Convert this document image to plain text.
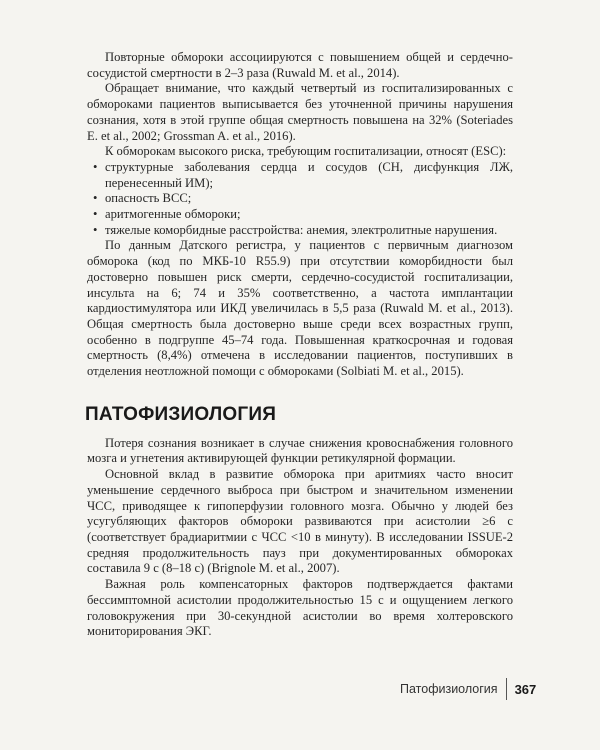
Повторные обмороки ассоциируются с повышением общей и сердечно-сосудистой смертности в 2–3 раза (Ruwald M. et al., 2014).

Обращает внимание, что каждый четвертый из госпитализированных с обмороками пациентов выписывается без уточненной причины нарушения сознания, хотя в этой группе общая смертность повышена на 32% (Soteriades E. et al., 2002; Grossman A. et al., 2016).

К обморокам высокого риска, требующим госпитализации, относят (ESC):

• структурные заболевания сердца и сосудов (СН, дисфункция ЛЖ, перенесенный ИМ);
• опасность ВСС;
• аритмогенные обмороки;
• тяжелые коморбидные расстройства: анемия, электролитные нарушения.

По данным Датского регистра, у пациентов с первичным диагнозом обморока (код по МКБ-10 R55.9) при отсутствии коморбидности был достоверно повышен риск смерти, сердечно-сосудистой госпитализации, инсульта на 6; 74 и 35% соответственно, а частота имплантации кардиостимулятора или ИКД увеличилась в 5,5 раза (Ruwald M. et al., 2013). Общая смертность была достоверно выше среди всех возрастных групп, особенно в подгруппе 45–74 года. Повышенная краткосрочная и годовая смертность (8,4%) отмечена в исследовании пациентов, поступивших в отделения неотложной помощи с обмороками (Solbiati M. et al., 2015).

ПАТОФИЗИОЛОГИЯ

Потеря сознания возникает в случае снижения кровоснабжения головного мозга и угнетения активирующей функции ретикулярной формации.

Основной вклад в развитие обморока при аритмиях часто вносит уменьшение сердечного выброса при быстром и значительном изменении ЧСС, приводящее к гипоперфузии головного мозга. Обычно у людей без усугубляющих факторов обмороки развиваются при асистолии ≥6 с (соответствует брадиаритмии с ЧСС <10 в минуту). В исследовании ISSUE-2 средняя продолжительность пауз при документированных обмороках составила 9 с (8–18 с) (Brignole M. et al., 2007).

Важная роль компенсаторных факторов подтверждается фактами бессимптомной асистолии продолжительностью 15 с и ощущением легкого головокружения при 30-секундной асистолии во время холтеровского мониторирования ЭКГ.

Патофизиология 367
